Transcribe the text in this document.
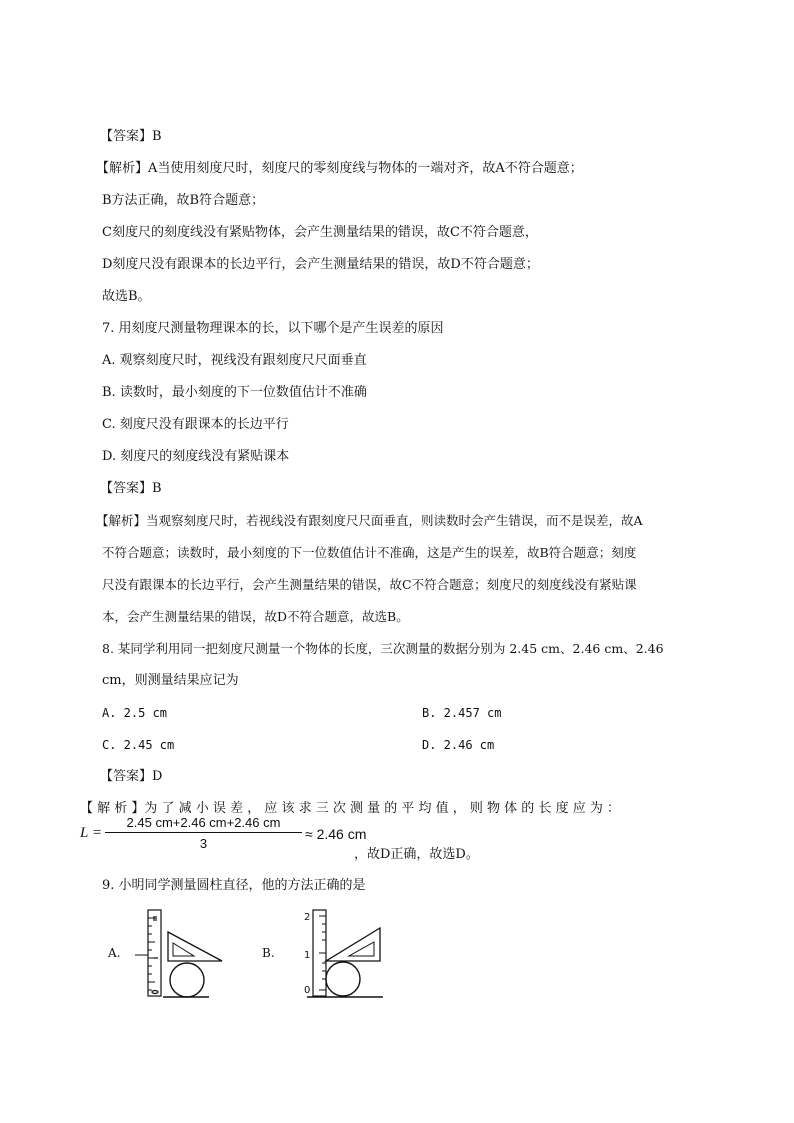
【答案】B
【解析】A当使用刻度尺时，刻度尺的零刻度线与物体的一端对齐，故A不符合题意；
B方法正确，故B符合题意；
C刻度尺的刻度线没有紧贴物体，会产生测量结果的错误，故C不符合题意，
D刻度尺没有跟课本的长边平行，会产生测量结果的错误，故D不符合题意；
故选B。
7. 用刻度尺测量物理课本的长，以下哪个是产生误差的原因
A. 观察刻度尺时，视线没有跟刻度尺尺面垂直
B. 读数时，最小刻度的下一位数值估计不准确
C. 刻度尺没有跟课本的长边平行
D. 刻度尺的刻度线没有紧贴课本
【答案】B
【解析】当观察刻度尺时，若视线没有跟刻度尺尺面垂直，则读数时会产生错误，而不是误差，故A
不符合题意；读数时，最小刻度的下一位数值估计不准确，这是产生的误差，故B符合题意；刻度
尺没有跟课本的长边平行，会产生测量结果的错误，故C不符合题意；刻度尺的刻度线没有紧贴课
本，会产生测量结果的错误，故D不符合题意，故选B。
8. 某同学利用同一把刻度尺测量一个物体的长度，三次测量的数据分别为 2.45 cm、2.46 cm、2.46
cm，则测量结果应记为
A. 2.5 cm	B. 2.457 cm
C. 2.45 cm	D. 2.46 cm
【答案】D
【 解 析 】为 了 减 小 误 差 ， 应 该 求 三 次 测 量 的 平 均 值 ， 则 物 体 的 长 度 应 为 ：
L =
2.45 cm+2.46 cm+2.46 cm
3
≈ 2.46 cm
，故D正确，故选D。
9. 小明同学测量圆柱直径，他的方法正确的是
A.	B.
2
1
0
